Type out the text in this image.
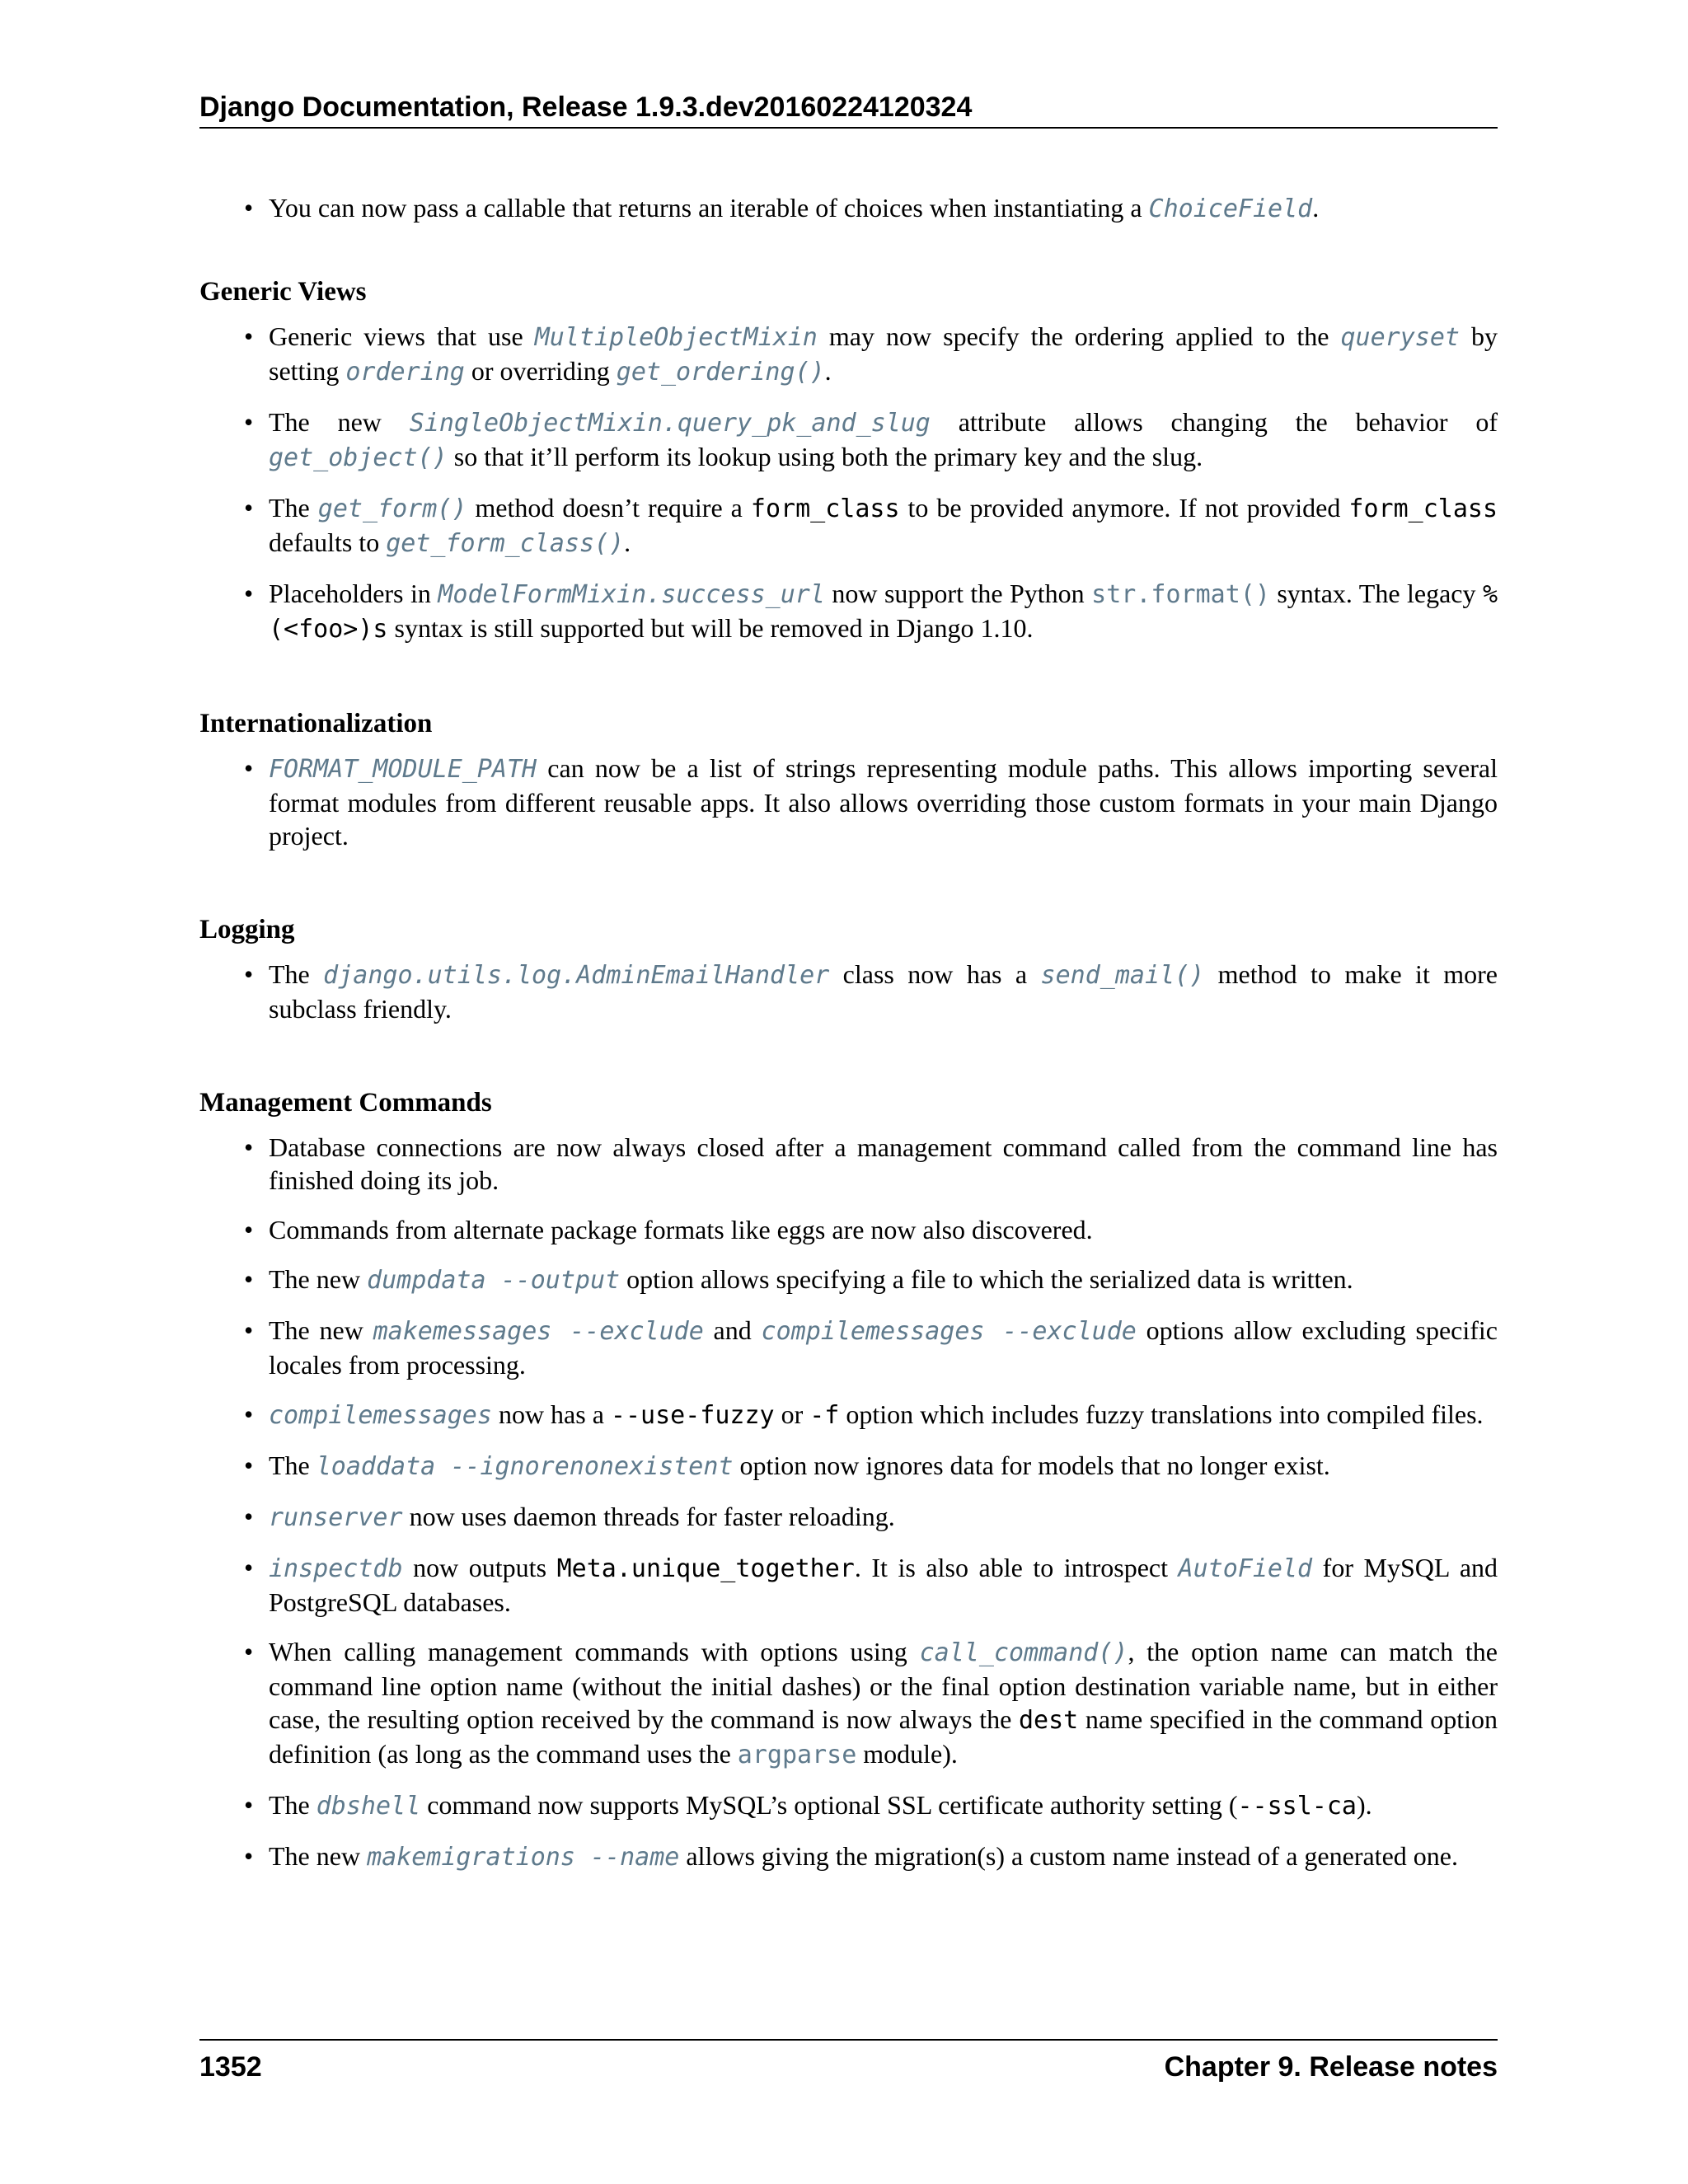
Django Documentation, Release 1.9.3.dev20160224120324
• You can now pass a callable that returns an iterable of choices when instantiating a ChoiceField.
Generic Views
• Generic views that use MultipleObjectMixin may now specify the ordering applied to the queryset by setting ordering or overriding get_ordering().
• The new SingleObjectMixin.query_pk_and_slug attribute allows changing the behavior of get_object() so that it’ll perform its lookup using both the primary key and the slug.
• The get_form() method doesn’t require a form_class to be provided anymore. If not provided form_class defaults to get_form_class().
• Placeholders in ModelFormMixin.success_url now support the Python str.format() syntax. The legacy %(<foo>)s syntax is still supported but will be removed in Django 1.10.
Internationalization
• FORMAT_MODULE_PATH can now be a list of strings representing module paths. This allows importing several format modules from different reusable apps. It also allows overriding those custom formats in your main Django project.
Logging
• The django.utils.log.AdminEmailHandler class now has a send_mail() method to make it more subclass friendly.
Management Commands
• Database connections are now always closed after a management command called from the command line has finished doing its job.
• Commands from alternate package formats like eggs are now also discovered.
• The new dumpdata --output option allows specifying a file to which the serialized data is written.
• The new makemessages --exclude and compilemessages --exclude options allow excluding specific locales from processing.
• compilemessages now has a --use-fuzzy or -f option which includes fuzzy translations into compiled files.
• The loaddata --ignorenonexistent option now ignores data for models that no longer exist.
• runserver now uses daemon threads for faster reloading.
• inspectdb now outputs Meta.unique_together. It is also able to introspect AutoField for MySQL and PostgreSQL databases.
• When calling management commands with options using call_command(), the option name can match the command line option name (without the initial dashes) or the final option destination variable name, but in either case, the resulting option received by the command is now always the dest name specified in the command option definition (as long as the command uses the argparse module).
• The dbshell command now supports MySQL’s optional SSL certificate authority setting (--ssl-ca).
• The new makemigrations --name allows giving the migration(s) a custom name instead of a generated one.
1352	Chapter 9. Release notes
